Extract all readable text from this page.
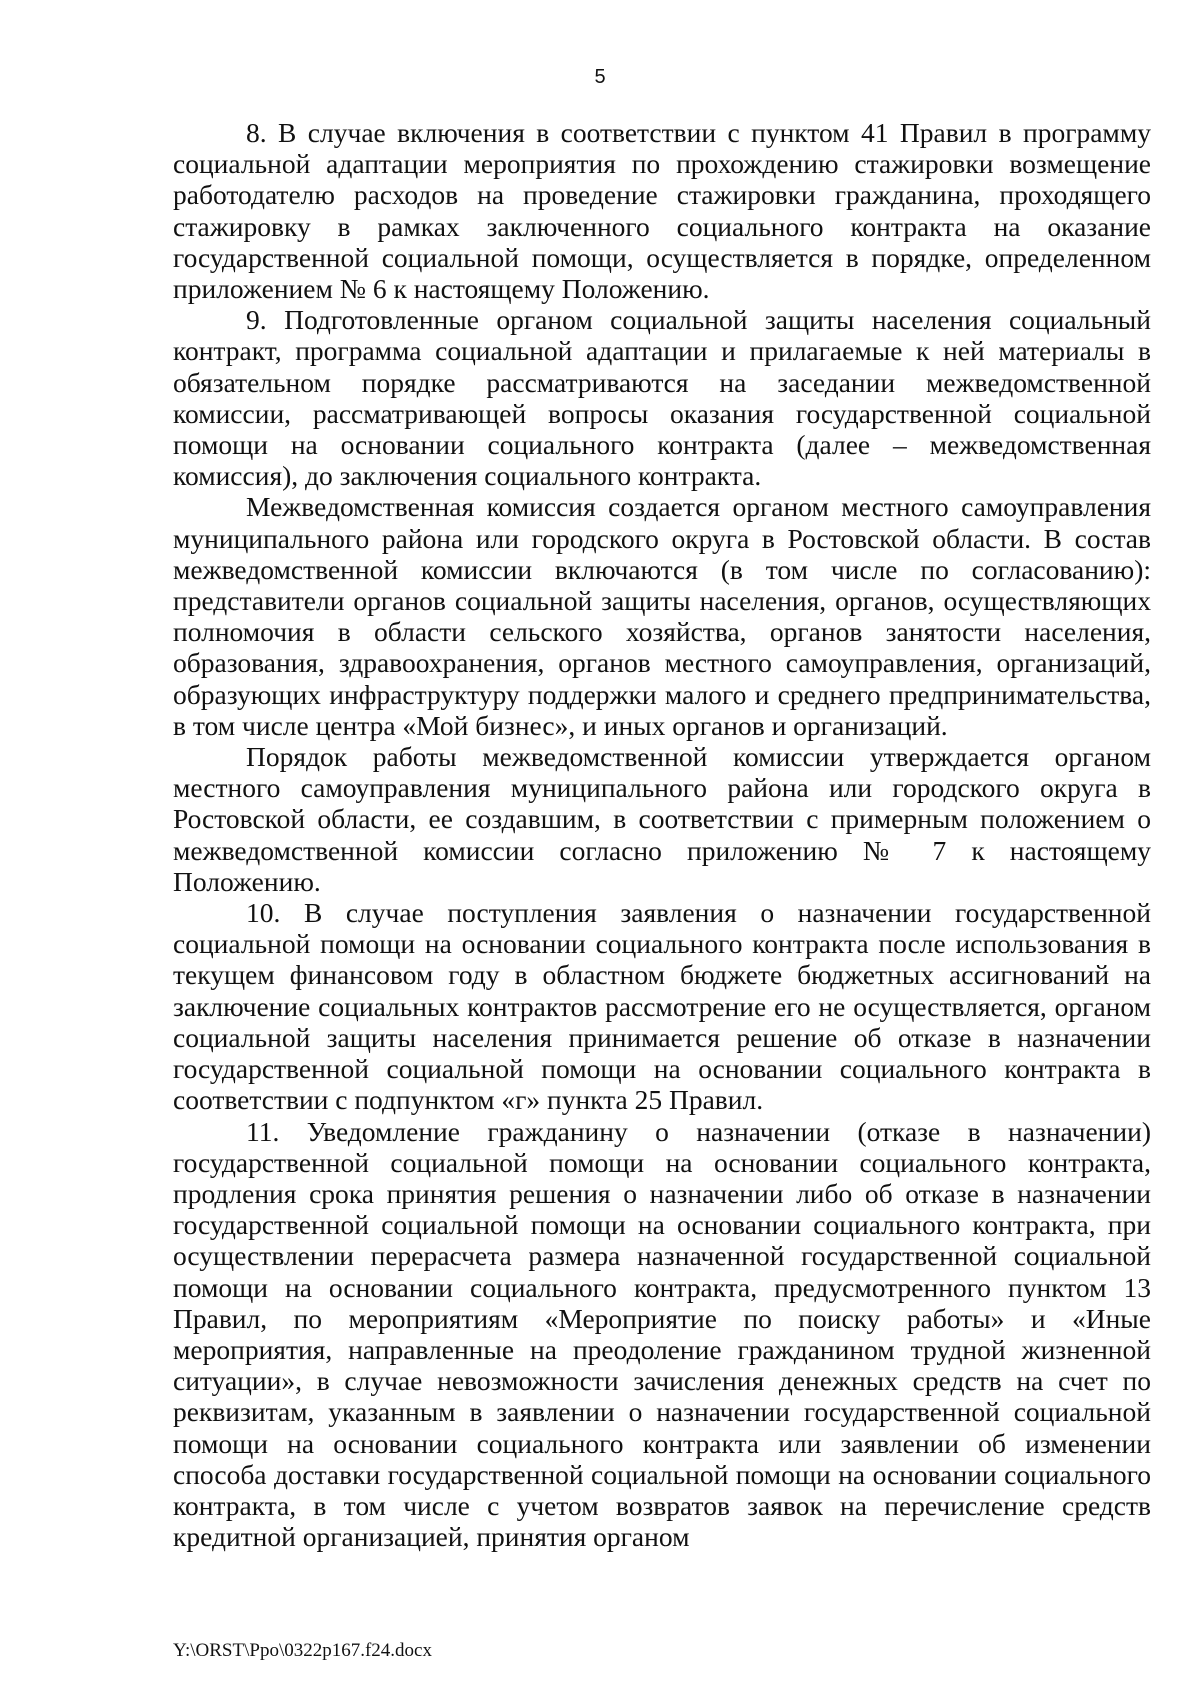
5

8. В случае включения в соответствии с пунктом 41 Правил в программу социальной адаптации мероприятия по прохождению стажировки возмещение работодателю расходов на проведение стажировки гражданина, проходящего стажировку в рамках заключенного социального контракта на оказание государственной социальной помощи, осуществляется в порядке, определенном приложением № 6 к настоящему Положению.

9. Подготовленные органом социальной защиты населения социальный контракт, программа социальной адаптации и прилагаемые к ней материалы в обязательном порядке рассматриваются на заседании межведомственной комиссии, рассматривающей вопросы оказания государственной социальной помощи на основании социального контракта (далее – межведомственная комиссия), до заключения социального контракта.

Межведомственная комиссия создается органом местного самоуправления муниципального района или городского округа в Ростовской области. В состав межведомственной комиссии включаются (в том числе по согласованию): представители органов социальной защиты населения, органов, осуществляющих полномочия в области сельского хозяйства, органов занятости населения, образования, здравоохранения, органов местного самоуправления, организаций, образующих инфраструктуру поддержки малого и среднего предпринимательства, в том числе центра «Мой бизнес», и иных органов и организаций.

Порядок работы межведомственной комиссии утверждается органом местного самоуправления муниципального района или городского округа в Ростовской области, ее создавшим, в соответствии с примерным положением о межведомственной комиссии согласно приложению № 7 к настоящему Положению.

10. В случае поступления заявления о назначении государственной социальной помощи на основании социального контракта после использования в текущем финансовом году в областном бюджете бюджетных ассигнований на заключение социальных контрактов рассмотрение его не осуществляется, органом социальной защиты населения принимается решение об отказе в назначении государственной социальной помощи на основании социального контракта в соответствии с подпунктом «г» пункта 25 Правил.

11. Уведомление гражданину о назначении (отказе в назначении) государственной социальной помощи на основании социального контракта, продления срока принятия решения о назначении либо об отказе в назначении государственной социальной помощи на основании социального контракта, при осуществлении перерасчета размера назначенной государственной социальной помощи на основании социального контракта, предусмотренного пунктом 13 Правил, по мероприятиям «Мероприятие по поиску работы» и «Иные мероприятия, направленные на преодоление гражданином трудной жизненной ситуации», в случае невозможности зачисления денежных средств на счет по реквизитам, указанным в заявлении о назначении государственной социальной помощи на основании социального контракта или заявлении об изменении способа доставки государственной социальной помощи на основании социального контракта, в том числе с учетом возвратов заявок на перечисление средств кредитной организацией, принятия органом

Y:\ORST\Ppo\0322p167.f24.docx
